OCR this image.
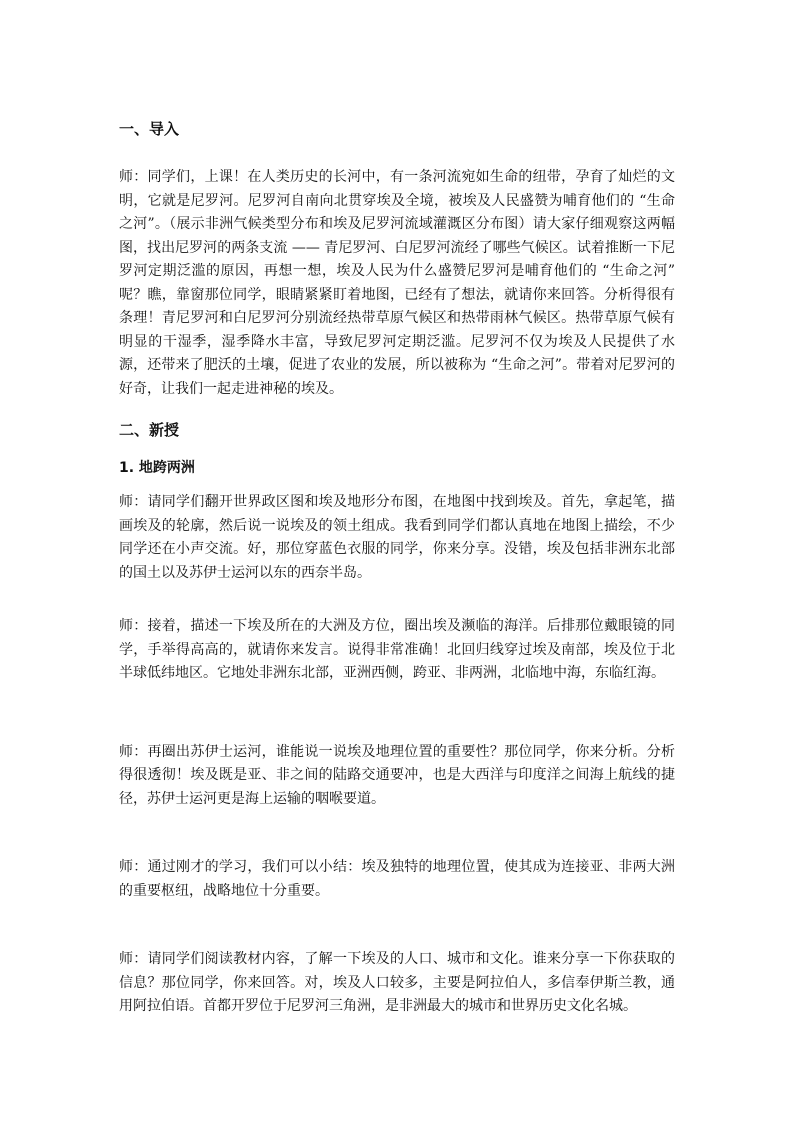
一、导入

师：同学们，上课！在人类历史的长河中，有一条河流宛如生命的纽带，孕育了灿烂的文明，它就是尼罗河。尼罗河自南向北贯穿埃及全境，被埃及人民盛赞为哺育他们的 “生命之河”。（展示非洲气候类型分布和埃及尼罗河流域灌溉区分布图）请大家仔细观察这两幅图，找出尼罗河的两条支流 —— 青尼罗河、白尼罗河流经了哪些气候区。试着推断一下尼罗河定期泛滥的原因，再想一想，埃及人民为什么盛赞尼罗河是哺育他们的 “生命之河” 呢？瞧，靠窗那位同学，眼睛紧紧盯着地图，已经有了想法，就请你来回答。分析得很有条理！青尼罗河和白尼罗河分别流经热带草原气候区和热带雨林气候区。热带草原气候有明显的干湿季，湿季降水丰富，导致尼罗河定期泛滥。尼罗河不仅为埃及人民提供了水源，还带来了肥沃的土壤，促进了农业的发展，所以被称为 “生命之河”。带着对尼罗河的好奇，让我们一起走进神秘的埃及。

二、新授
1. 地跨两洲

师：请同学们翻开世界政区图和埃及地形分布图，在地图中找到埃及。首先，拿起笔，描画埃及的轮廓，然后说一说埃及的领土组成。我看到同学们都认真地在地图上描绘，不少同学还在小声交流。好，那位穿蓝色衣服的同学，你来分享。没错，埃及包括非洲东北部的国土以及苏伊士运河以东的西奈半岛。

师：接着，描述一下埃及所在的大洲及方位，圈出埃及濒临的海洋。后排那位戴眼镜的同学，手举得高高的，就请你来发言。说得非常准确！北回归线穿过埃及南部，埃及位于北半球低纬地区。它地处非洲东北部，亚洲西侧，跨亚、非两洲，北临地中海，东临红海。

师：再圈出苏伊士运河，谁能说一说埃及地理位置的重要性？那位同学，你来分析。分析得很透彻！埃及既是亚、非之间的陆路交通要冲，也是大西洋与印度洋之间海上航线的捷径，苏伊士运河更是海上运输的咽喉要道。

师：通过刚才的学习，我们可以小结：埃及独特的地理位置，使其成为连接亚、非两大洲的重要枢纽，战略地位十分重要。

师：请同学们阅读教材内容，了解一下埃及的人口、城市和文化。谁来分享一下你获取的信息？那位同学，你来回答。对，埃及人口较多，主要是阿拉伯人，多信奉伊斯兰教，通用阿拉伯语。首都开罗位于尼罗河三角洲，是非洲最大的城市和世界历史文化名城。
